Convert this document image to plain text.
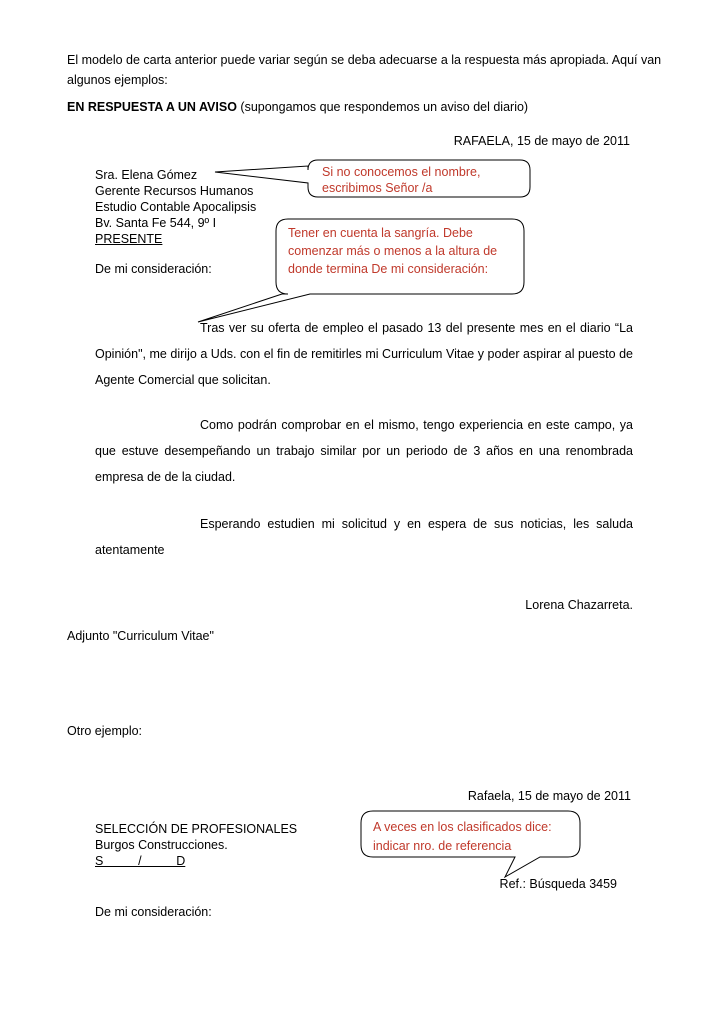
El modelo de carta anterior puede variar según se deba adecuarse a la respuesta más apropiada. Aquí van
algunos ejemplos:
EN RESPUESTA A UN AVISO (supongamos que respondemos un aviso del diario)
RAFAELA, 15 de mayo de 2011
Sra. Elena Gómez
Gerente Recursos Humanos
Estudio Contable Apocalipsis
Bv. Santa Fe 544, 9º I
PRESENTE
De mi consideración:
Si no conocemos el nombre,
escribimos Señor /a
Tener en cuenta la sangría. Debe
comenzar más o menos a la altura de
donde termina De mi consideración:
Tras ver su oferta de empleo el pasado 13 del presente mes en el diario “La
Opinión", me dirijo a Uds. con el fin de remitirles mi Curriculum Vitae y poder aspirar al puesto de
Agente Comercial que solicitan.
Como podrán comprobar en el mismo, tengo experiencia en este campo, ya
que estuve desempeñando un trabajo similar por un periodo de 3 años en una renombrada
empresa de de la ciudad.
Esperando estudien mi solicitud y en espera de sus noticias, les saluda
atentamente
Lorena Chazarreta.
Adjunto "Curriculum Vitae"
Otro ejemplo:
Rafaela, 15 de mayo de 2011
SELECCIÓN DE PROFESIONALES
Burgos Construcciones.
S          /          D
A veces en los clasificados dice:
indicar nro. de referencia
Ref.: Búsqueda 3459
De mi consideración:
